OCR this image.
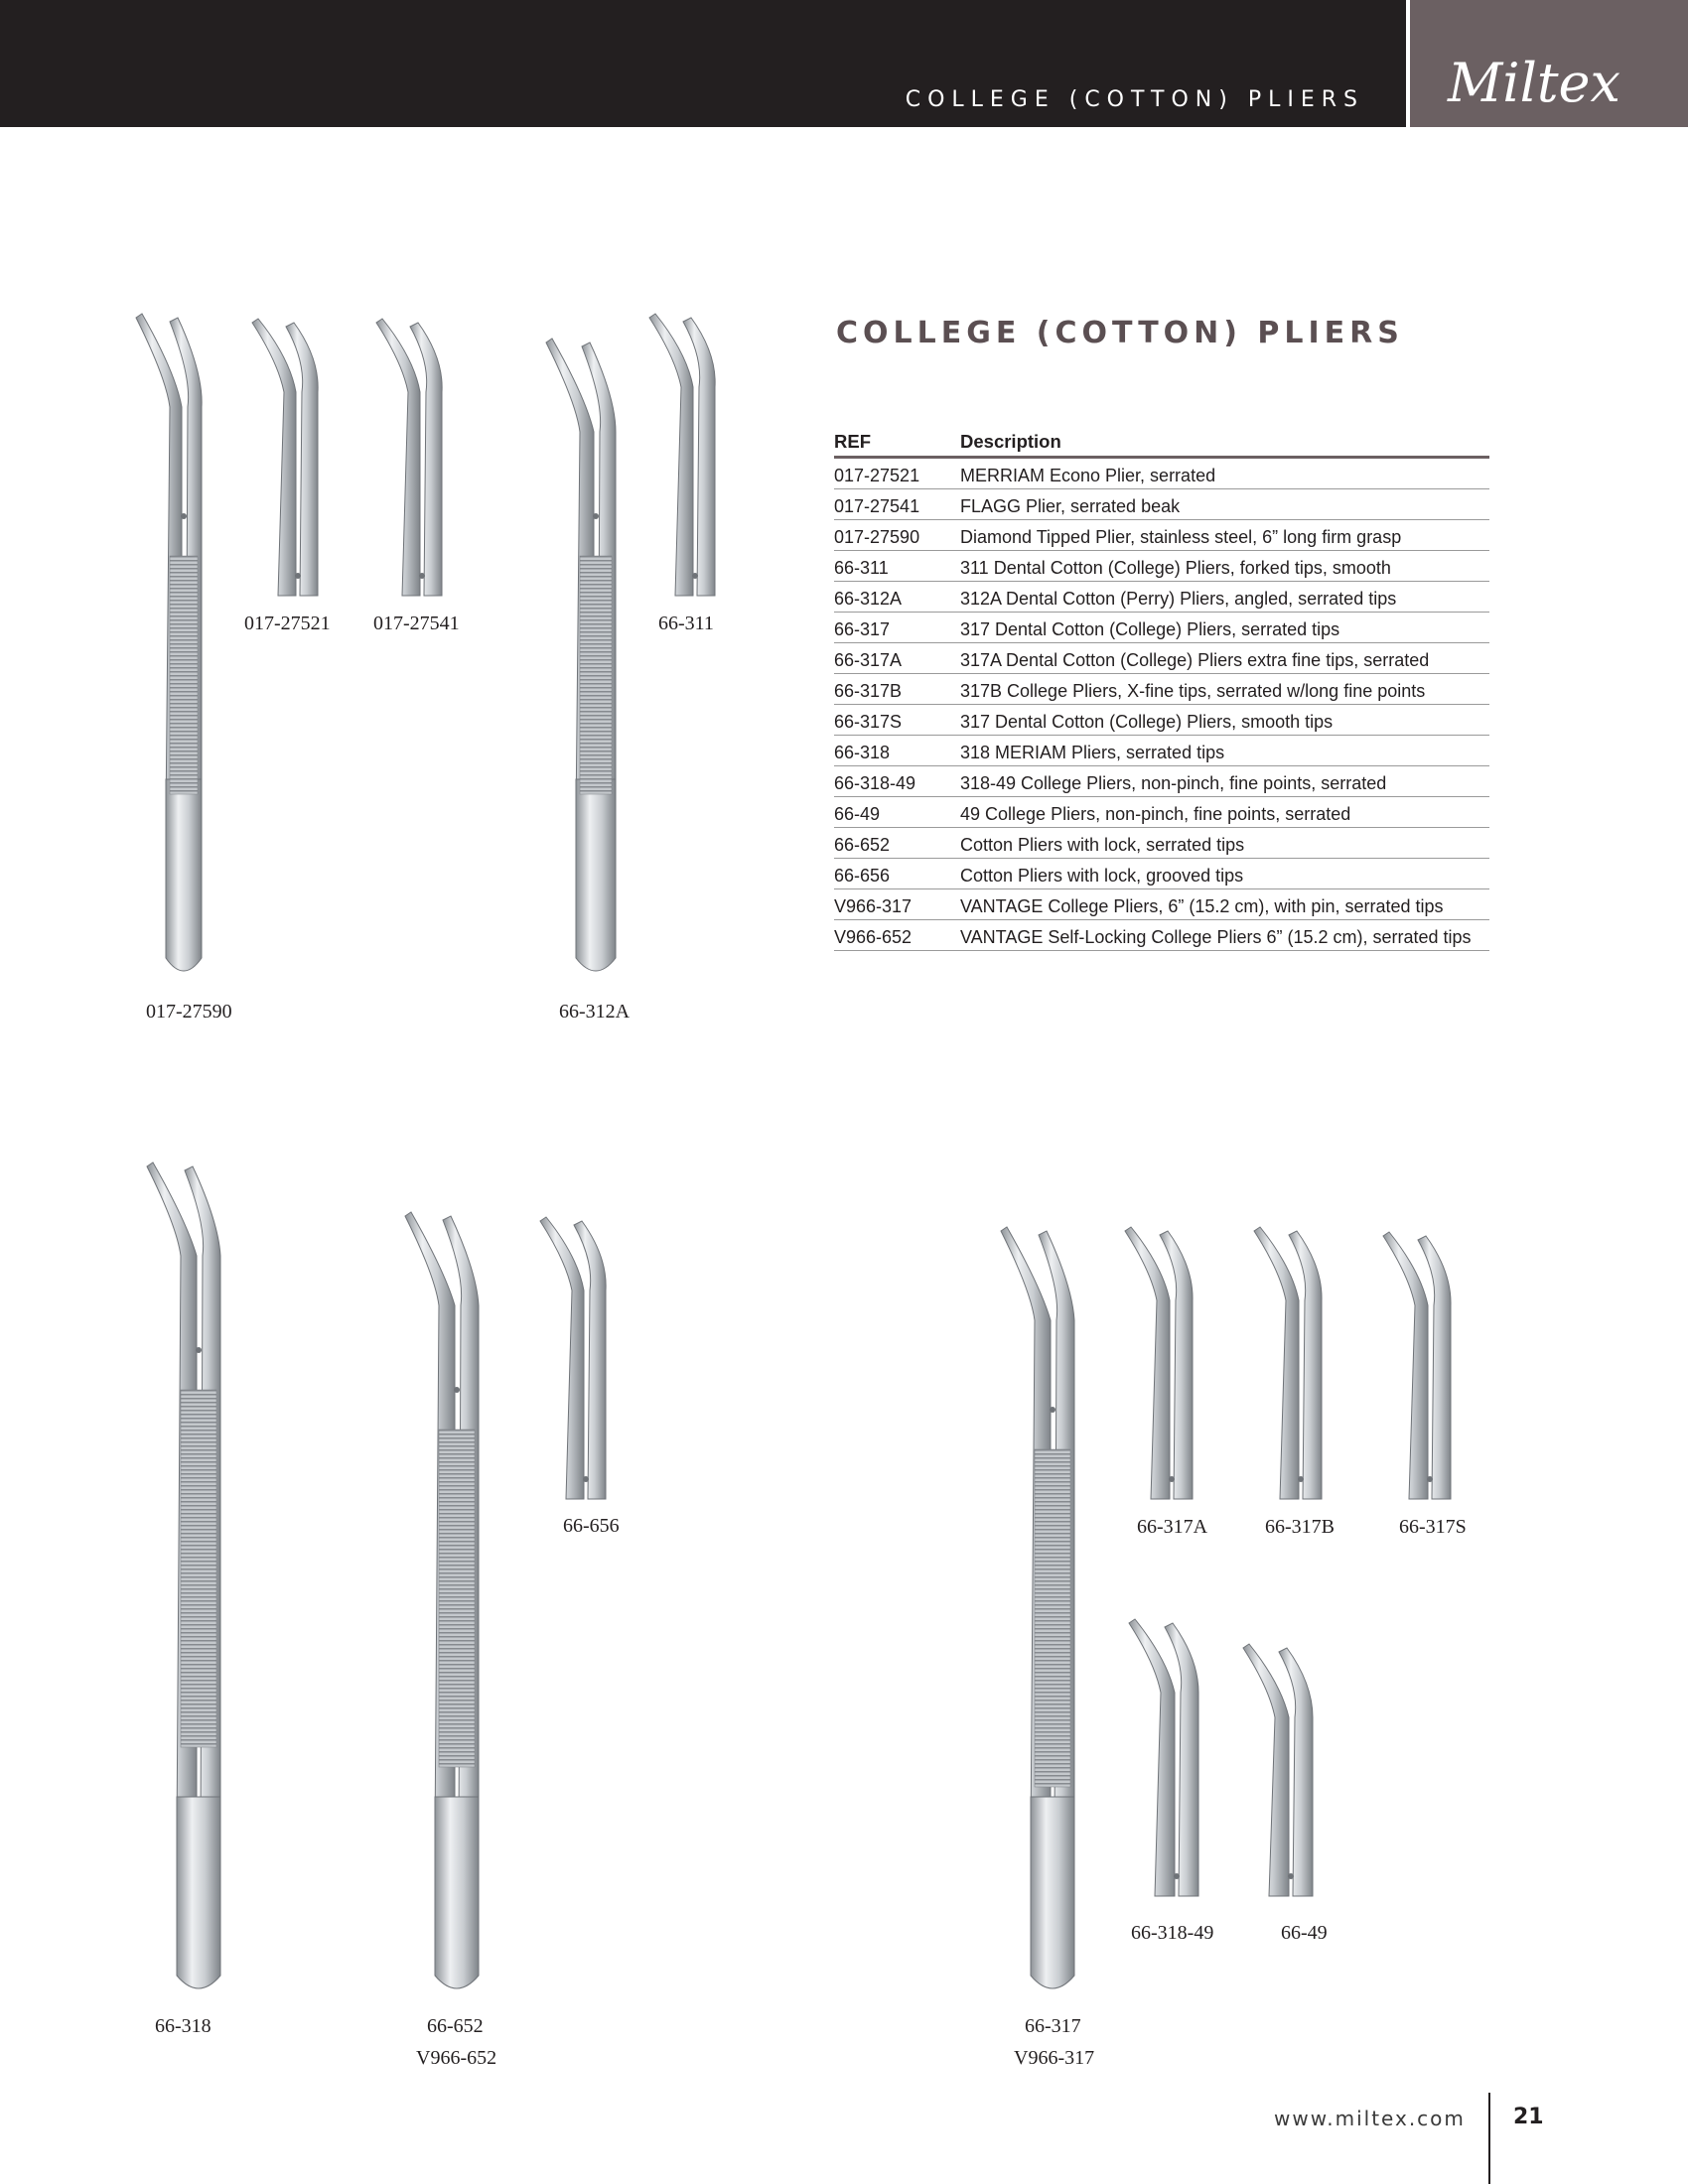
COLLEGE (COTTON) PLIERS Miltex
COLLEGE (COTTON) PLIERS
REF	Description
017-27521	MERRIAM Econo Plier, serrated
017-27541	FLAGG Plier, serrated beak
017-27590	Diamond Tipped Plier, stainless steel, 6” long firm grasp
66-311	311 Dental Cotton (College) Pliers, forked tips, smooth
66-312A	312A Dental Cotton (Perry) Pliers, angled, serrated tips
66-317	317 Dental Cotton (College) Pliers, serrated tips
66-317A	317A Dental Cotton (College) Pliers extra fine tips, serrated
66-317B	317B College Pliers, X-fine tips, serrated w/long fine points
66-317S	317 Dental Cotton (College) Pliers, smooth tips
66-318	318 MERIAM Pliers, serrated tips
66-318-49	318-49 College Pliers, non-pinch, fine points, serrated
66-49	49 College Pliers, non-pinch, fine points, serrated
66-652	Cotton Pliers with lock, serrated tips
66-656	Cotton Pliers with lock, grooved tips
V966-317	VANTAGE College Pliers, 6” (15.2 cm), with pin, serrated tips
V966-652	VANTAGE Self-Locking College Pliers 6” (15.2 cm), serrated tips
017-27521 017-27541	66-311
017-27590	66-312A
66-656	66-317A	66-317B	66-317S
66-318-49	66-49
66-318	66-652
V966-652
66-317
V966-317
www.miltex.com 21
